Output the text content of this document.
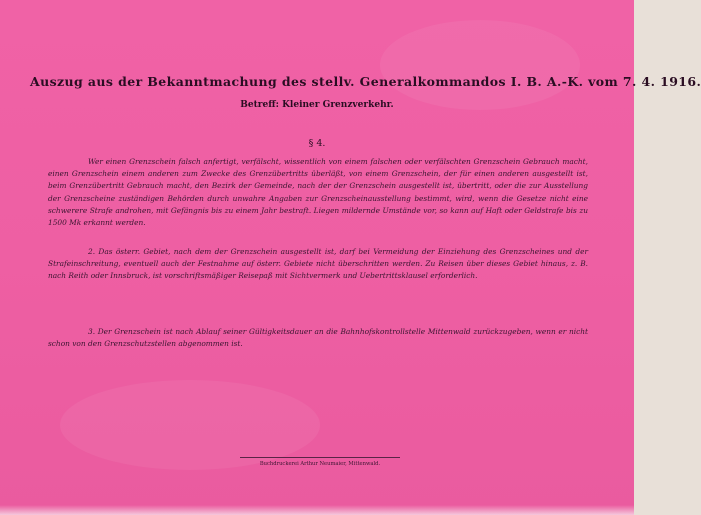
Auszug aus der Bekanntmachung des stellv. Generalkommandos I. B. A.-K. vom 7. 4. 1916.
Betreff: Kleiner Grenzverkehr.
§ 4.
Wer einen Grenzschein falsch anfertigt, verfälscht, wissentlich von einem falschen oder verfälschten Grenzschein Gebrauch macht, einen Grenzschein einem anderen zum Zwecke des Grenzübertritts überläßt, von einem Grenzschein, der für einen anderen ausgestellt ist, beim Grenzübertritt Gebrauch macht, den Bezirk der Gemeinde, nach der der Grenzschein ausgestellt ist, übertritt, oder die zur Ausstellung der Grenzscheine zuständigen Behörden durch unwahre Angaben zur Grenzscheinausstellung bestimmt, wird, wenn die Gesetze nicht eine schwerere Strafe androhen, mit Gefängnis bis zu einem Jahr bestraft. Liegen mildernde Umstände vor, so kann auf Haft oder Geldstrafe bis zu 1500 Mk erkannt werden.
2. Das österr. Gebiet, nach dem der Grenzschein ausgestellt ist, darf bei Vermeidung der Einziehung des Grenzscheines und der Strafeinschreitung, eventuell auch der Festnahme auf österr. Gebiete nicht überschritten werden. Zu Reisen über dieses Gebiet hinaus, z. B. nach Reith oder Innsbruck, ist vorschriftsmäßiger Reisepaß mit Sichtvermerk und Uebertrittsklausel erforderlich.
3. Der Grenzschein ist nach Ablauf seiner Gültigkeitsdauer an die Bahnhofskontrollstelle Mittenwald zurückzugeben, wenn er nicht schon von den Grenzschutzstellen abgenommen ist.
Buchdruckerei Arthur Neumaier, Mittenwald.
